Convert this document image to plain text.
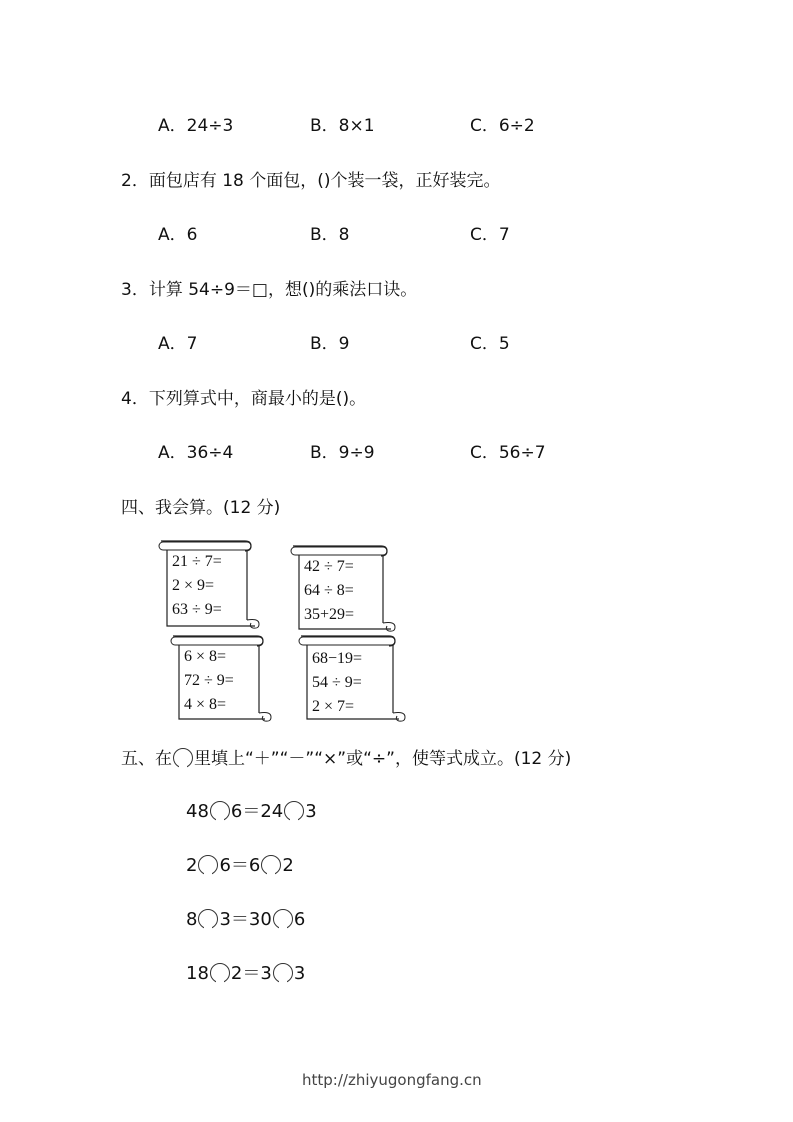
A．24÷3	B．8×1	C．6÷2
2．面包店有 18 个面包，()个装一袋，正好装完。
A．6	B．8	C．7
3．计算 54÷9＝□，想()的乘法口诀。
A．7	B．9	C．5
4．下列算式中，商最小的是()。
A．36÷4	B．9÷9	C．56÷7
四、我会算。(12 分)
21 ÷ 7=
2 × 9=
63 ÷ 9=
42 ÷ 7=
64 ÷ 8=
35+29=
6 × 8=
72 ÷ 9=
4 × 8=
68−19=
54 ÷ 9=
2 × 7=
五、在 里填上“＋”“－”“×”或“÷”，使等式成立。(12 分)
48 6＝24 3
2 6＝6 2
8 3＝30 6
18 2＝3 3
http://zhiyugongfang.cn
